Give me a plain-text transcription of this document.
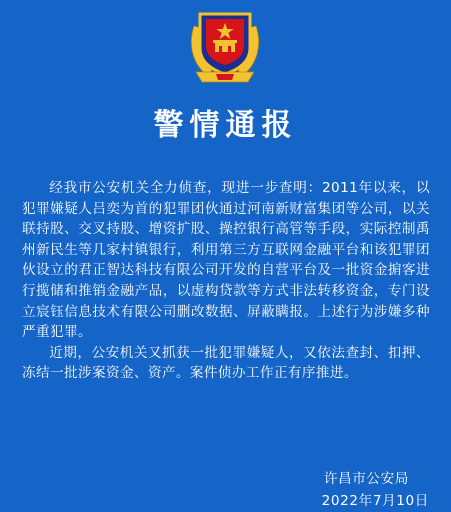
警情通报

经我市公安机关全力侦查，现进一步查明：2011年以来，以犯罪嫌疑人吕奕为首的犯罪团伙通过河南新财富集团等公司，以关联持股、交叉持股、增资扩股、操控银行高管等手段，实际控制禹州新民生等几家村镇银行，利用第三方互联网金融平台和该犯罪团伙设立的君正智达科技有限公司开发的自营平台及一批资金掮客进行揽储和推销金融产品，以虚构贷款等方式非法转移资金，专门设立宸钰信息技术有限公司删改数据、屏蔽瞒报。上述行为涉嫌多种严重犯罪。

近期，公安机关又抓获一批犯罪嫌疑人，又依法查封、扣押、冻结一批涉案资金、资产。案件侦办工作正有序推进。

许昌市公安局
2022年7月10日
